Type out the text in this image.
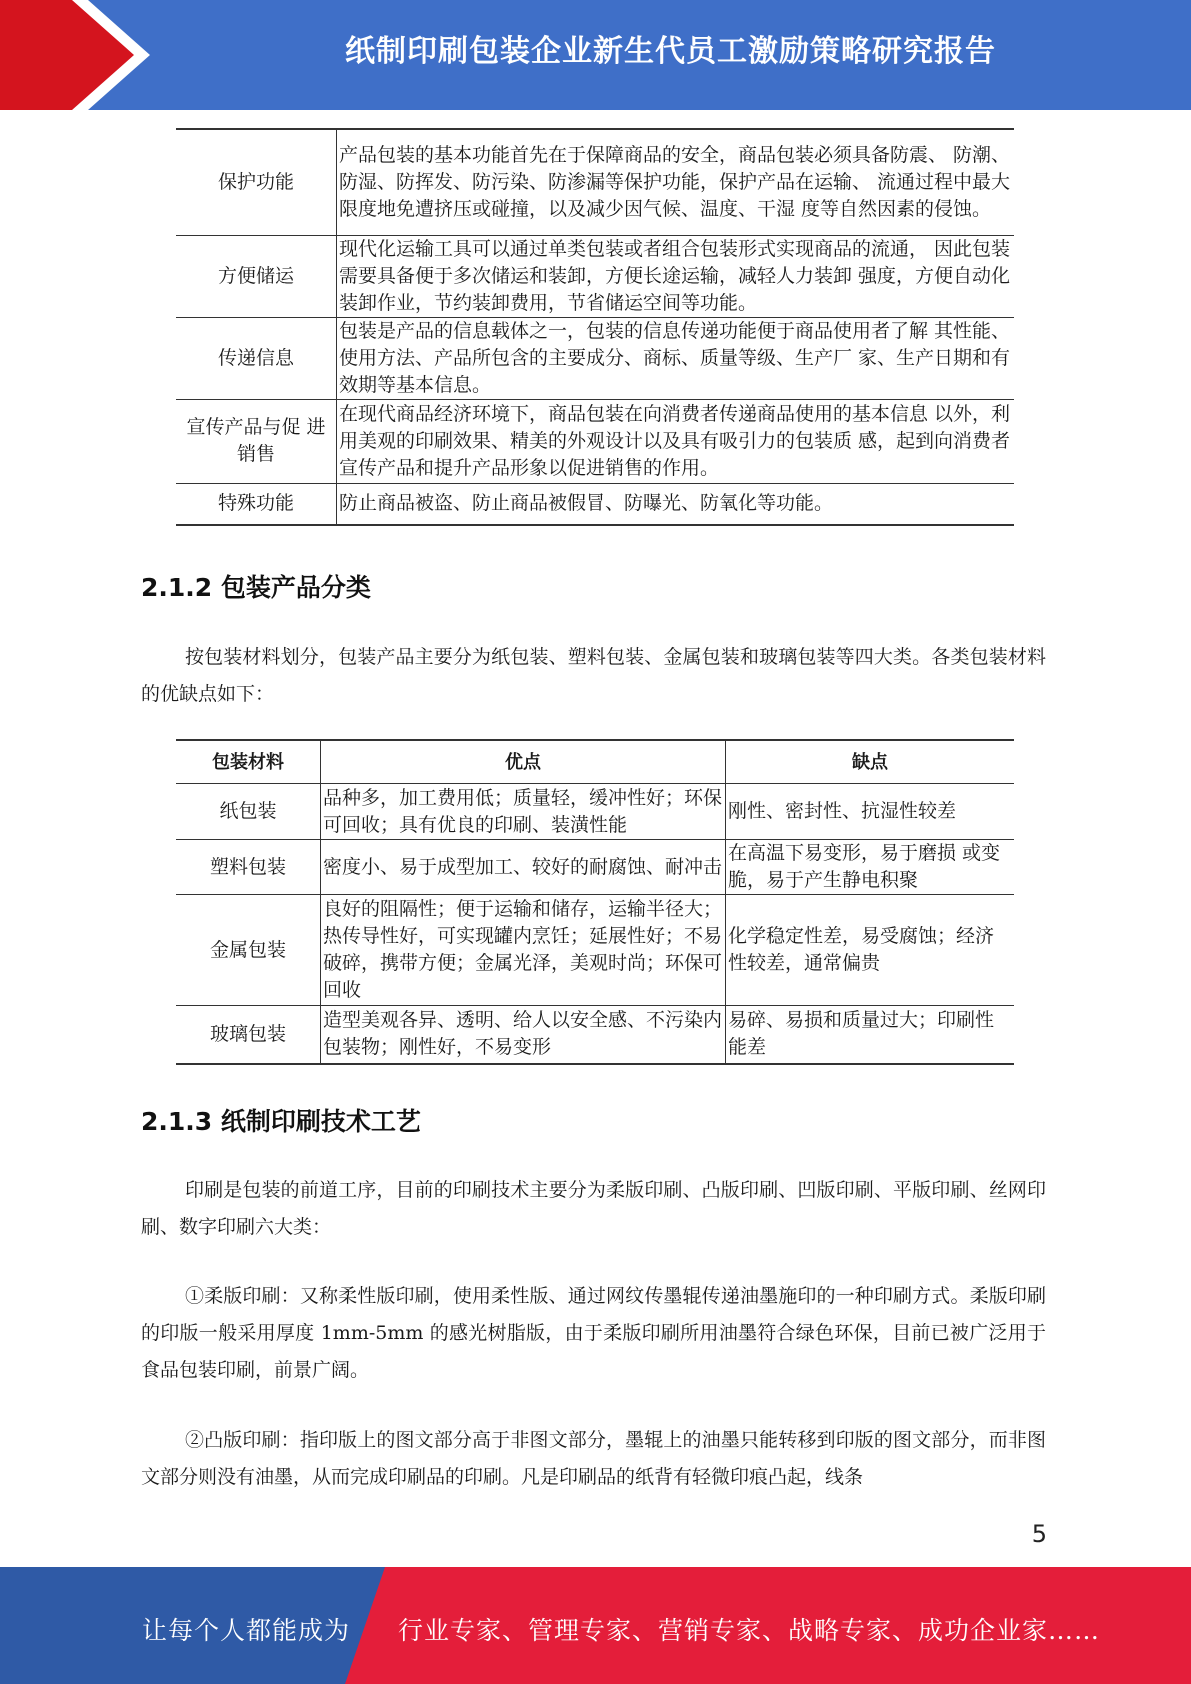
纸制印刷包装企业新生代员工激励策略研究报告
保护功能	产品包装的基本功能首先在于保障商品的安全，商品包装必须具备防震、 防潮、防湿、防挥发、防污染、防渗漏等保护功能，保护产品在运输、 流通过程中最大限度地免遭挤压或碰撞，以及减少因气候、温度、干湿 度等自然因素的侵蚀。
方便储运	现代化运输工具可以通过单类包装或者组合包装形式实现商品的流通， 因此包装需要具备便于多次储运和装卸，方便长途运输，减轻人力装卸 强度，方便自动化装卸作业，节约装卸费用，节省储运空间等功能。
传递信息	包装是产品的信息载体之一，包装的信息传递功能便于商品使用者了解 其性能、使用方法、产品所包含的主要成分、商标、质量等级、生产厂 家、生产日期和有效期等基本信息。
宣传产品与促 进销售	在现代商品经济环境下，商品包装在向消费者传递商品使用的基本信息 以外，利用美观的印刷效果、精美的外观设计以及具有吸引力的包装质 感，起到向消费者宣传产品和提升产品形象以促进销售的作用。
特殊功能	防止商品被盗、防止商品被假冒、防曝光、防氧化等功能。
2.1.2 包装产品分类
按包装材料划分，包装产品主要分为纸包装、塑料包装、金属包装和玻璃包装等四大类。各类包装材料的优缺点如下：
包装材料	优点	缺点
纸包装	品种多，加工费用低；质量轻，缓冲性好；环保可回收；具有优良的印刷、装潢性能	刚性、密封性、抗湿性较差
塑料包装	密度小、易于成型加工、较好的耐腐蚀、耐冲击	在高温下易变形，易于磨损 或变脆，易于产生静电积聚
金属包装	良好的阻隔性；便于运输和储存，运输半径大；热传导性好，可实现罐内烹饪；延展性好；不易破碎，携带方便；金属光泽，美观时尚；环保可回收	化学稳定性差，易受腐蚀；经济性较差，通常偏贵
玻璃包装	造型美观各异、透明、给人以安全感、不污染内包装物；刚性好，不易变形	易碎、易损和质量过大；印刷性能差
2.1.3 纸制印刷技术工艺
印刷是包装的前道工序，目前的印刷技术主要分为柔版印刷、凸版印刷、凹版印刷、平版印刷、丝网印刷、数字印刷六大类：
①柔版印刷：又称柔性版印刷，使用柔性版、通过网纹传墨辊传递油墨施印的一种印刷方式。柔版印刷的印版一般采用厚度 1mm-5mm 的感光树脂版，由于柔版印刷所用油墨符合绿色环保，目前已被广泛用于食品包装印刷，前景广阔。
②凸版印刷：指印版上的图文部分高于非图文部分，墨辊上的油墨只能转移到印版的图文部分，而非图文部分则没有油墨，从而完成印刷品的印刷。凡是印刷品的纸背有轻微印痕凸起，线条
5
让每个人都能成为 行业专家、管理专家、营销专家、战略专家、成功企业家……
